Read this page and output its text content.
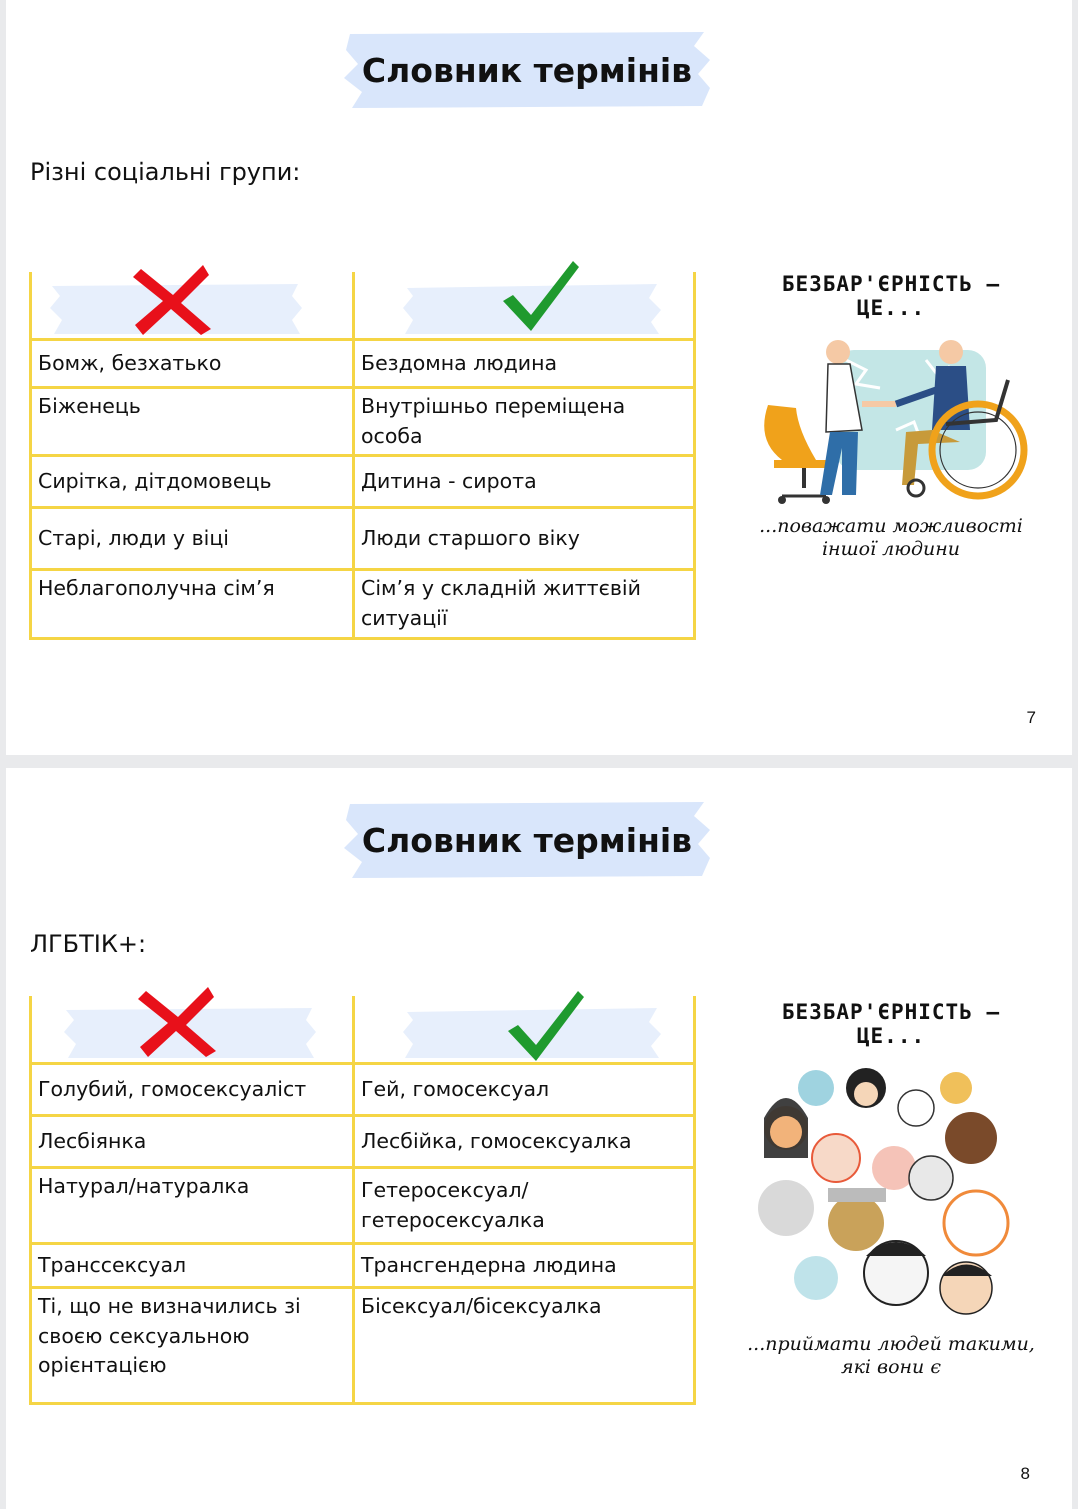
Словник термінів
Різні соціальні групи:

Бомж, безхатько	Бездомна людина
Біженець	Внутрішньо переміщена особа
Сирітка, дітдомовець	Дитина - сирота
Старі, люди у віці	Люди старшого віку
Неблагополучна сім’я	Сім’я у складній життєвій ситуації
БЕЗБАР'ЄРНІСТЬ — ЦЕ...
...поважати можливості іншої людини
7
Словник термінів
ЛГБТІК+:

Голубий, гомосексуаліст	Гей, гомосексуал
Лесбіянка	Лесбійка, гомосексуалка
Натурал/натуралка	Гетеросексуал/ гетеросексуалка
Транссексуал	Трансгендерна людина
Ті, що не визначились зі своєю сексуальною орієнтацією	Бісексуал/бісексуалка
БЕЗБАР'ЄРНІСТЬ — ЦЕ...
...приймати людей такими, які вони є
8
